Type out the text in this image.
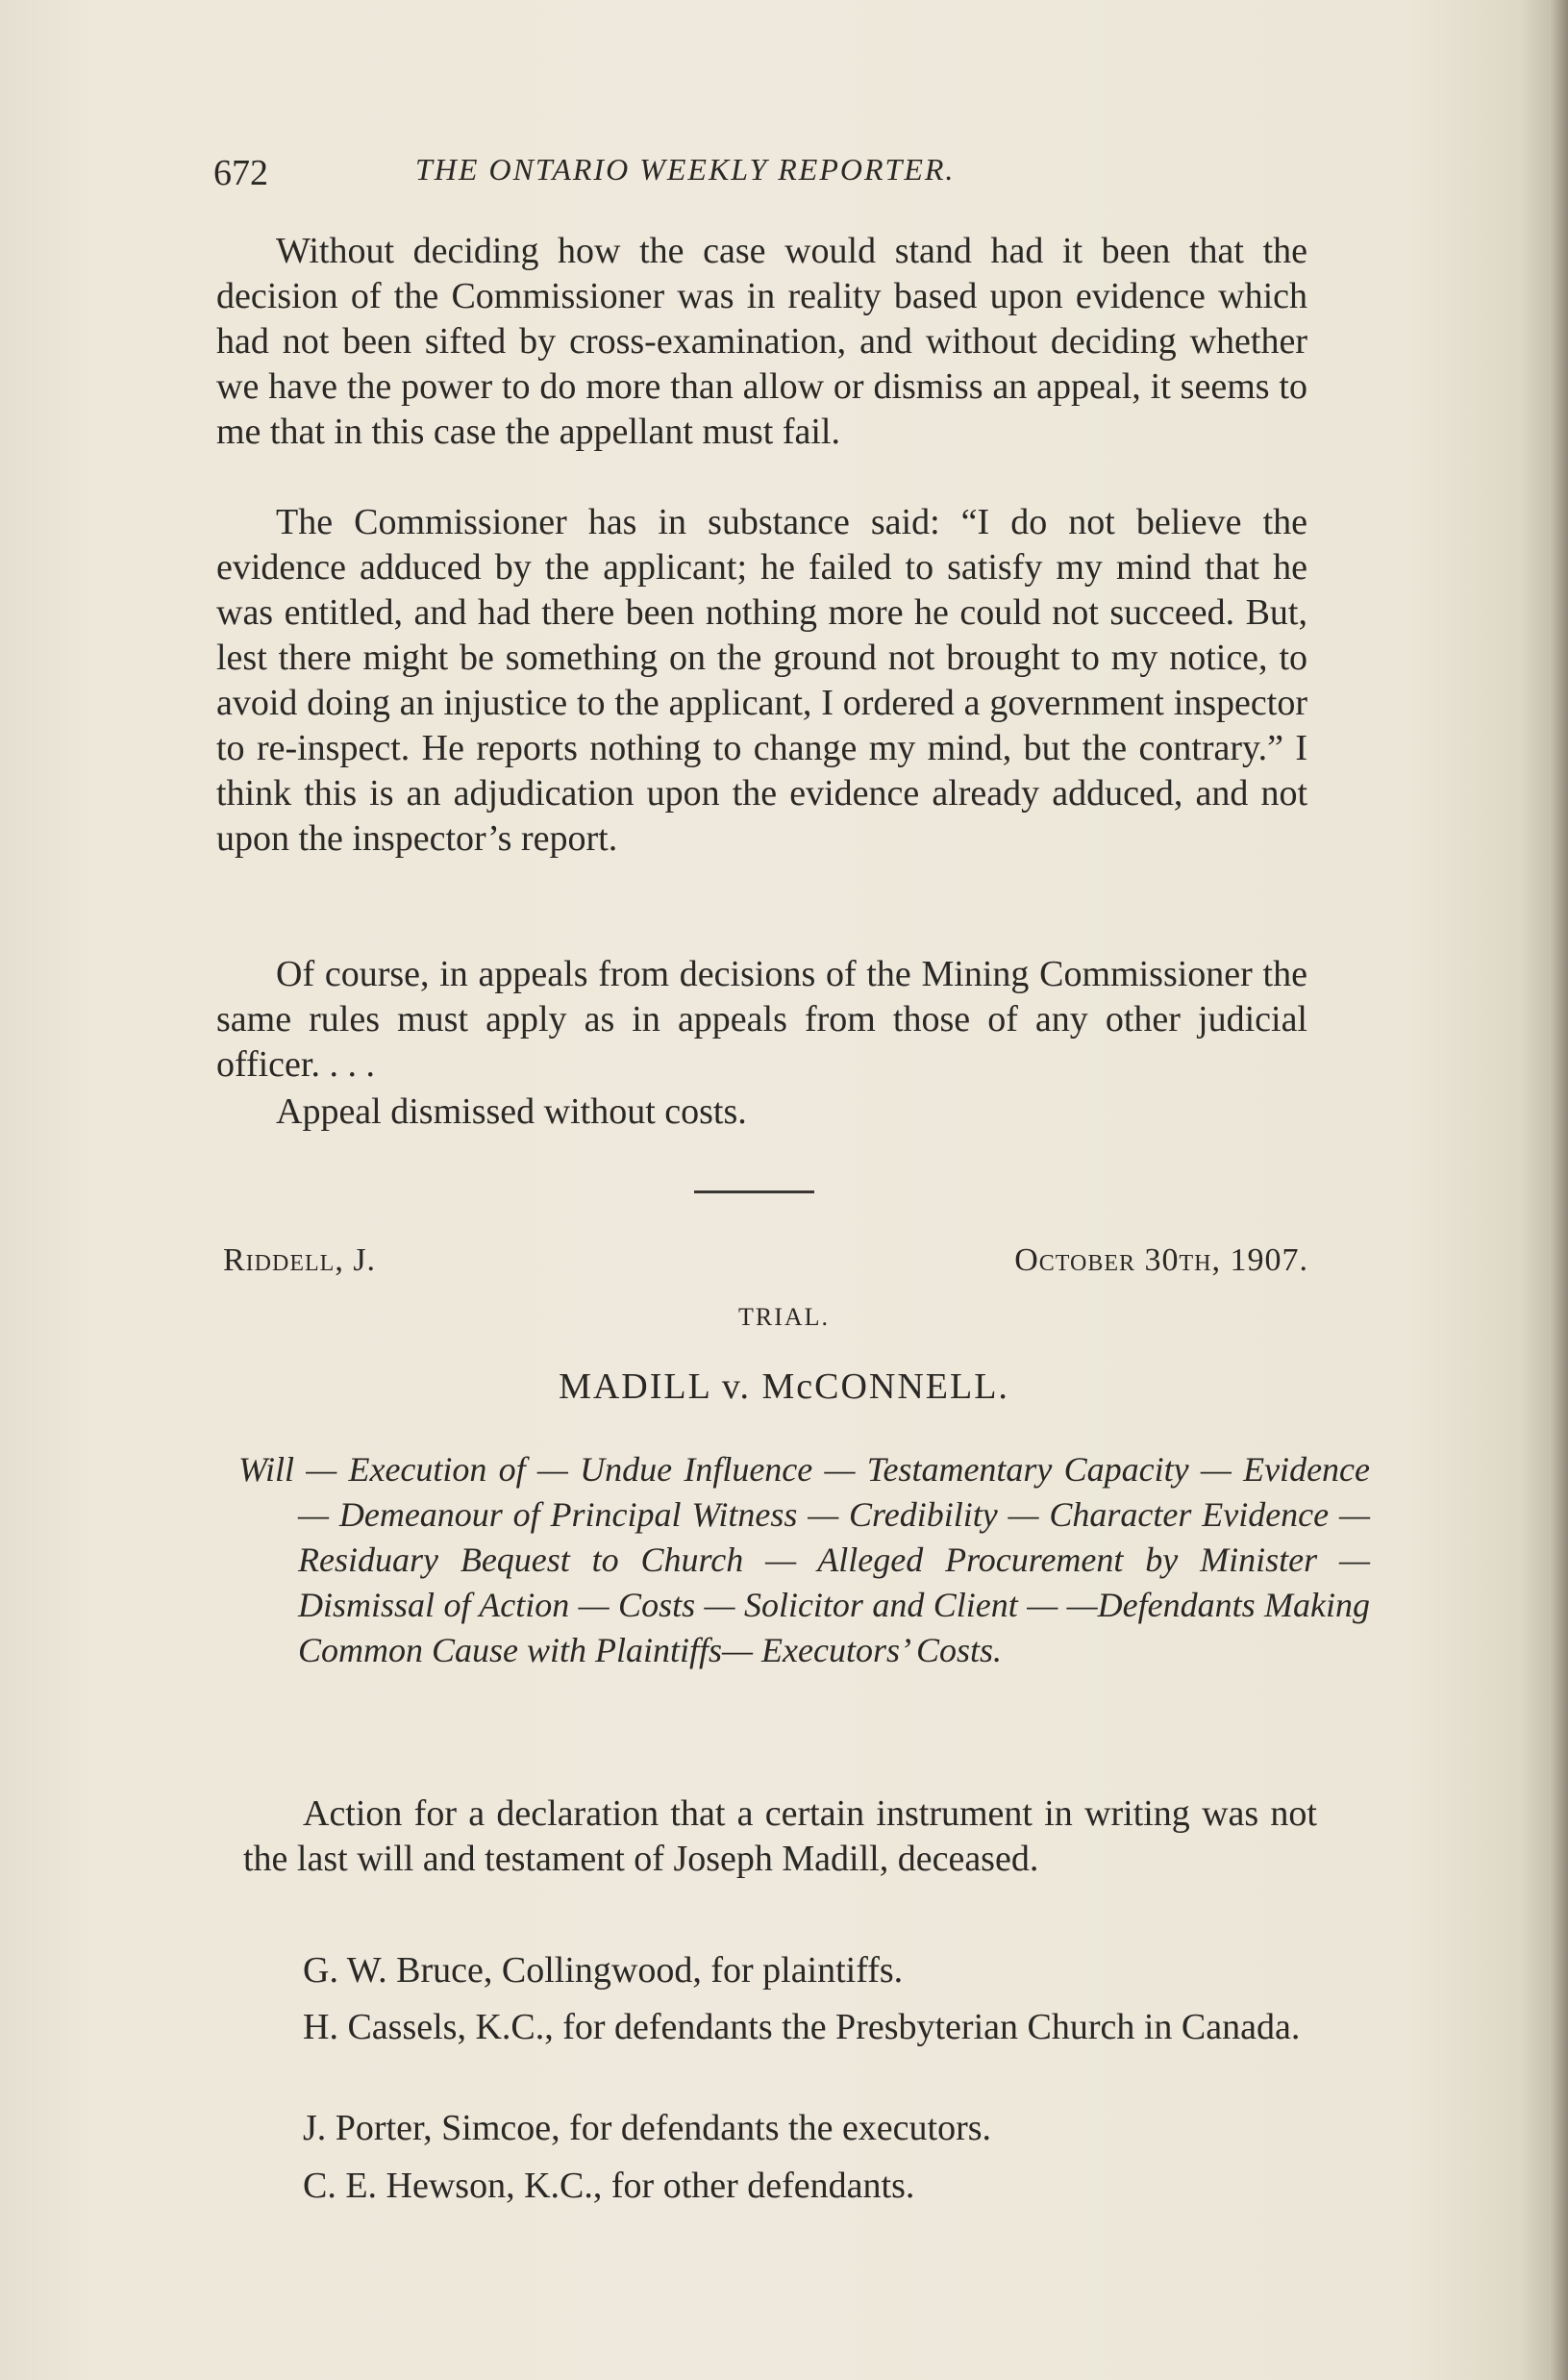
672	THE ONTARIO WEEKLY REPORTER.

Without deciding how the case would stand had it been that the decision of the Commissioner was in reality based upon evidence which had not been sifted by cross-examination, and without deciding whether we have the power to do more than allow or dismiss an appeal, it seems to me that in this case the appellant must fail.

The Commissioner has in substance said: “I do not believe the evidence adduced by the applicant; he failed to satisfy my mind that he was entitled, and had there been nothing more he could not succeed. But, lest there might be something on the ground not brought to my notice, to avoid doing an injustice to the applicant, I ordered a government inspector to re-inspect. He reports nothing to change my mind, but the contrary.” I think this is an adjudication upon the evidence already adduced, and not upon the inspector’s report.

Of course, in appeals from decisions of the Mining Commissioner the same rules must apply as in appeals from those of any other judicial officer. . . .

Appeal dismissed without costs.

Riddell, J.	October 30th, 1907.
TRIAL.
MADILL v. McCONNELL.

Will — Execution of — Undue Influence — Testamentary Capacity — Evidence — Demeanour of Principal Witness — Credibility — Character Evidence — Residuary Bequest to Church — Alleged Procurement by Minister — Dismissal of Action — Costs — Solicitor and Client — —Defendants Making Common Cause with Plaintiffs— Executors’ Costs.

Action for a declaration that a certain instrument in writing was not the last will and testament of Joseph Madill, deceased.

G. W. Bruce, Collingwood, for plaintiffs.

H. Cassels, K.C., for defendants the Presbyterian Church in Canada.

J. Porter, Simcoe, for defendants the executors.

C. E. Hewson, K.C., for other defendants.
